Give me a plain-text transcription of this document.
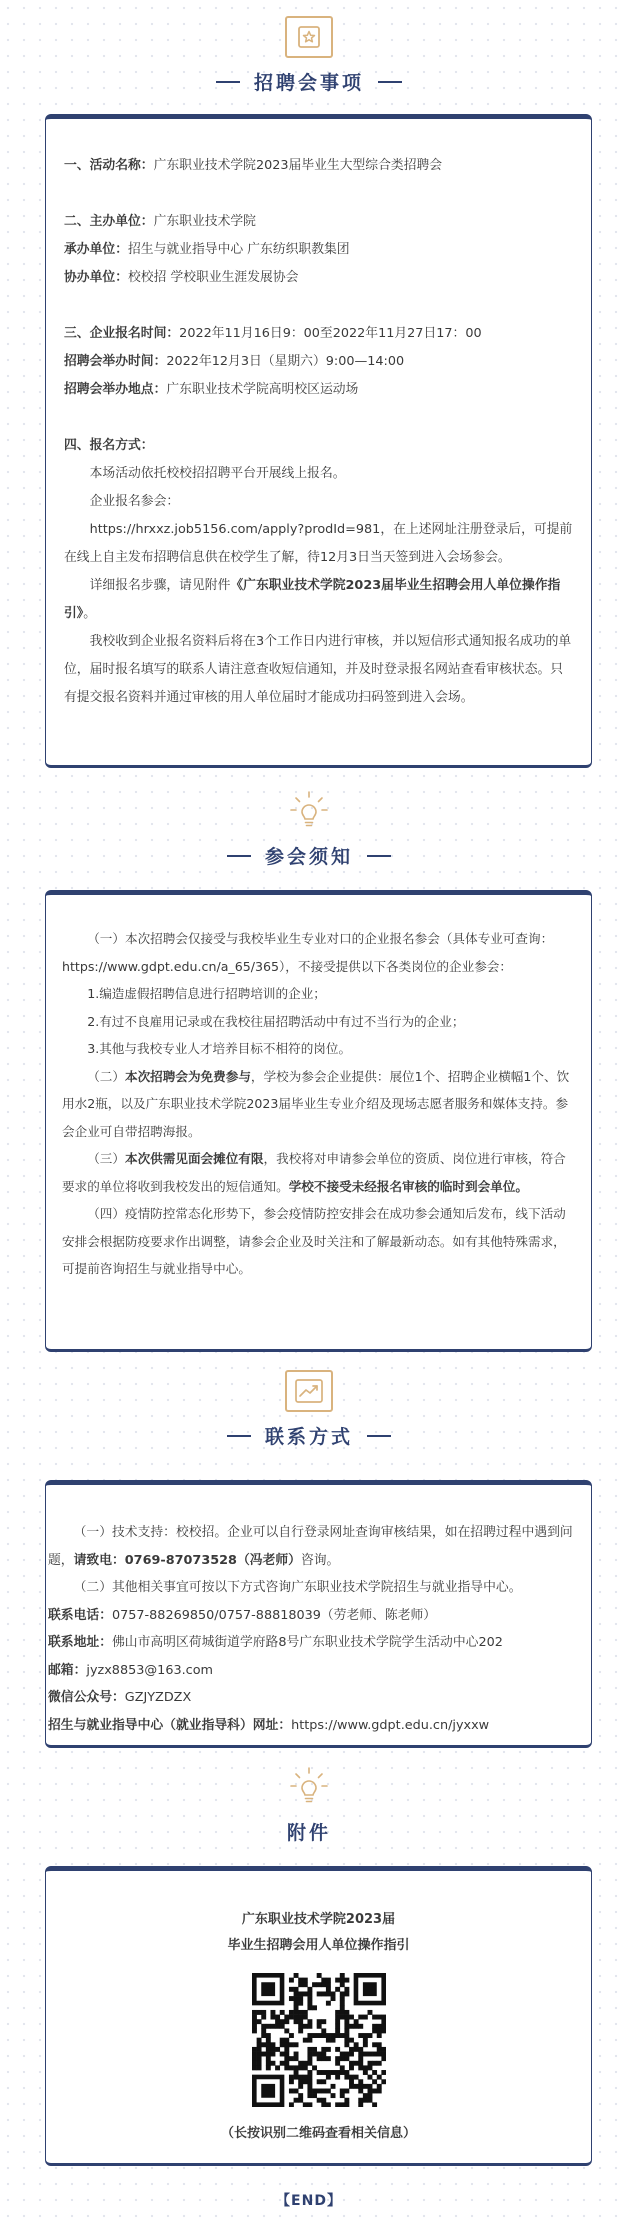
招聘会事项
一、活动名称：广东职业技术学院2023届毕业生大型综合类招聘会
二、主办单位：广东职业技术学院
承办单位：招生与就业指导中心 广东纺织职教集团
协办单位：校校招 学校职业生涯发展协会
三、企业报名时间：2022年11月16日9：00至2022年11月27日17：00
招聘会举办时间：2022年12月3日（星期六）9:00—14:00
招聘会举办地点：广东职业技术学院高明校区运动场
四、报名方式：
本场活动依托校校招招聘平台开展线上报名。
企业报名参会：
https://hrxxz.job5156.com/apply?prodId=981，在上述网址注册登录后，可提前在线上自主发布招聘信息供在校学生了解，待12月3日当天签到进入会场参会。
详细报名步骤，请见附件《广东职业技术学院2023届毕业生招聘会用人单位操作指引》。
我校收到企业报名资料后将在3个工作日内进行审核，并以短信形式通知报名成功的单位，届时报名填写的联系人请注意查收短信通知，并及时登录报名网站查看审核状态。只有提交报名资料并通过审核的用人单位届时才能成功扫码签到进入会场。
参会须知
（一）本次招聘会仅接受与我校毕业生专业对口的企业报名参会（具体专业可查询：https://www.gdpt.edu.cn/a_65/365），不接受提供以下各类岗位的企业参会：
1.编造虚假招聘信息进行招聘培训的企业；
2.有过不良雇用记录或在我校往届招聘活动中有过不当行为的企业；
3.其他与我校专业人才培养目标不相符的岗位。
（二）本次招聘会为免费参与，学校为参会企业提供：展位1个、招聘企业横幅1个、饮用水2瓶，以及广东职业技术学院2023届毕业生专业介绍及现场志愿者服务和媒体支持。参会企业可自带招聘海报。
（三）本次供需见面会摊位有限，我校将对申请参会单位的资质、岗位进行审核，符合要求的单位将收到我校发出的短信通知。学校不接受未经报名审核的临时到会单位。
（四）疫情防控常态化形势下，参会疫情防控安排会在成功参会通知后发布，线下活动安排会根据防疫要求作出调整，请参会企业及时关注和了解最新动态。如有其他特殊需求，可提前咨询招生与就业指导中心。
联系方式
（一）技术支持：校校招。企业可以自行登录网址查询审核结果，如在招聘过程中遇到问题，请致电：0769-87073528（冯老师）咨询。
（二）其他相关事宜可按以下方式咨询广东职业技术学院招生与就业指导中心。
联系电话：0757-88269850/0757-88818039（劳老师、陈老师）
联系地址：佛山市高明区荷城街道学府路8号广东职业技术学院学生活动中心202
邮箱：jyzx8853@163.com
微信公众号：GZJYZDZX
招生与就业指导中心（就业指导科）网址：https://www.gdpt.edu.cn/jyxxw
附件
广东职业技术学院2023届
毕业生招聘会用人单位操作指引
（长按识别二维码查看相关信息）
【END】
